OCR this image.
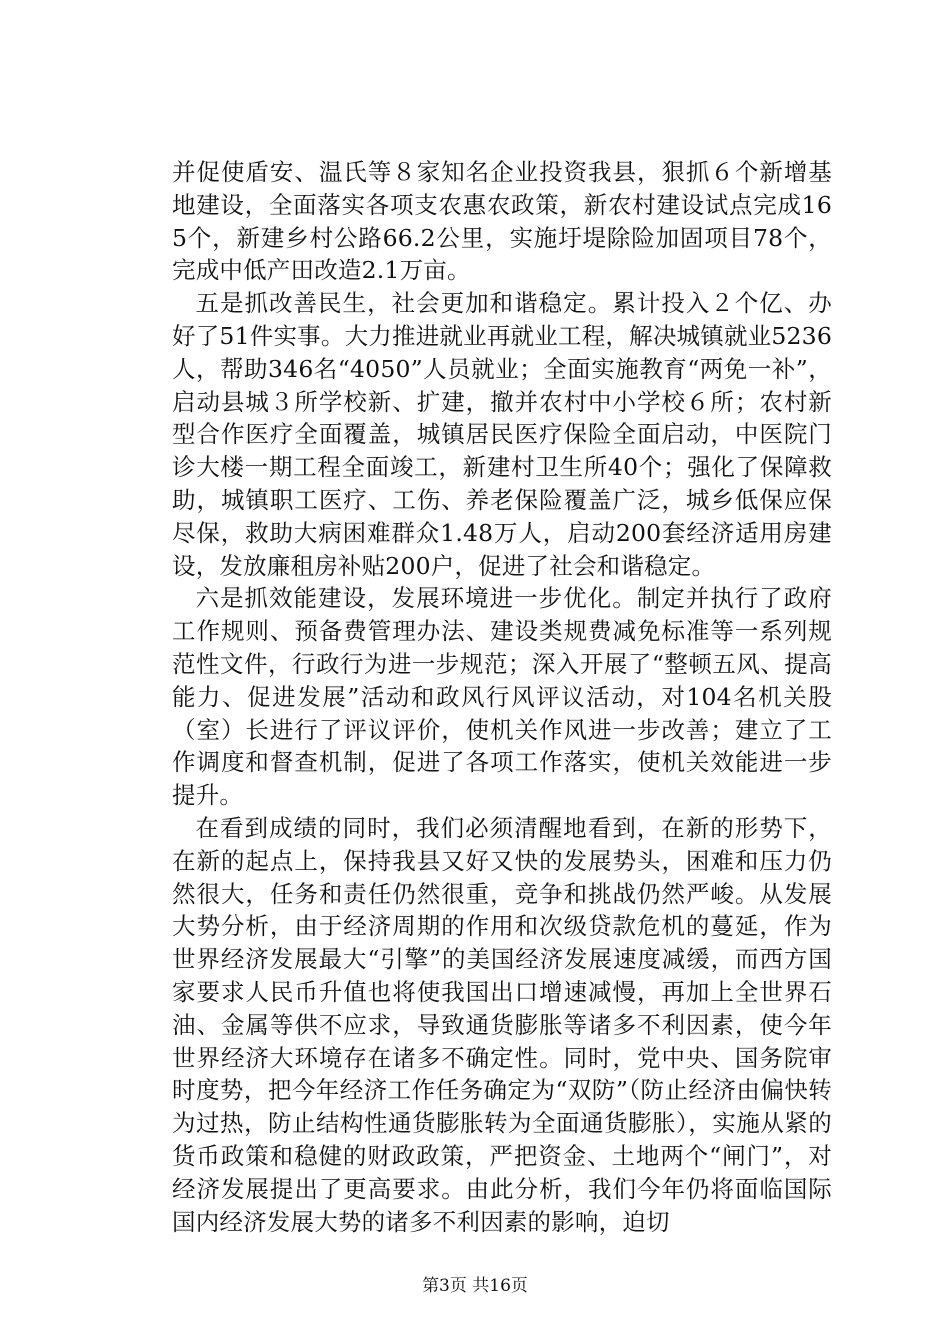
并促使盾安、温氏等８家知名企业投资我县，狠抓６个新增基地建设，全面落实各项支农惠农政策，新农村建设试点完成165个，新建乡村公路66.2公里，实施圩堤除险加固项目78个，完成中低产田改造2.1万亩。

五是抓改善民生，社会更加和谐稳定。累计投入２个亿、办好了51件实事。大力推进就业再就业工程，解决城镇就业5236人，帮助346名“4050”人员就业；全面实施教育“两免一补”，启动县城３所学校新、扩建，撤并农村中小学校６所；农村新型合作医疗全面覆盖，城镇居民医疗保险全面启动，中医院门诊大楼一期工程全面竣工，新建村卫生所40个；强化了保障救助，城镇职工医疗、工伤、养老保险覆盖广泛，城乡低保应保尽保，救助大病困难群众1.48万人，启动200套经济适用房建设，发放廉租房补贴200户，促进了社会和谐稳定。

六是抓效能建设，发展环境进一步优化。制定并执行了政府工作规则、预备费管理办法、建设类规费减免标准等一系列规范性文件，行政行为进一步规范；深入开展了“整顿五风、提高能力、促进发展”活动和政风行风评议活动，对104名机关股（室）长进行了评议评价，使机关作风进一步改善；建立了工作调度和督查机制，促进了各项工作落实，使机关效能进一步提升。

在看到成绩的同时，我们必须清醒地看到，在新的形势下，在新的起点上，保持我县又好又快的发展势头，困难和压力仍然很大，任务和责任仍然很重，竞争和挑战仍然严峻。从发展大势分析，由于经济周期的作用和次级贷款危机的蔓延，作为世界经济发展最大“引擎”的美国经济发展速度减缓，而西方国家要求人民币升值也将使我国出口增速减慢，再加上全世界石油、金属等供不应求，导致通货膨胀等诸多不利因素，使今年世界经济大环境存在诸多不确定性。同时，党中央、国务院审时度势，把今年经济工作任务确定为“双防”（防止经济由偏快转为过热，防止结构性通货膨胀转为全面通货膨胀），实施从紧的货币政策和稳健的财政政策，严把资金、土地两个“闸门”，对经济发展提出了更高要求。由此分析，我们今年仍将面临国际国内经济发展大势的诸多不利因素的影响，迫切

第3页 共16页
